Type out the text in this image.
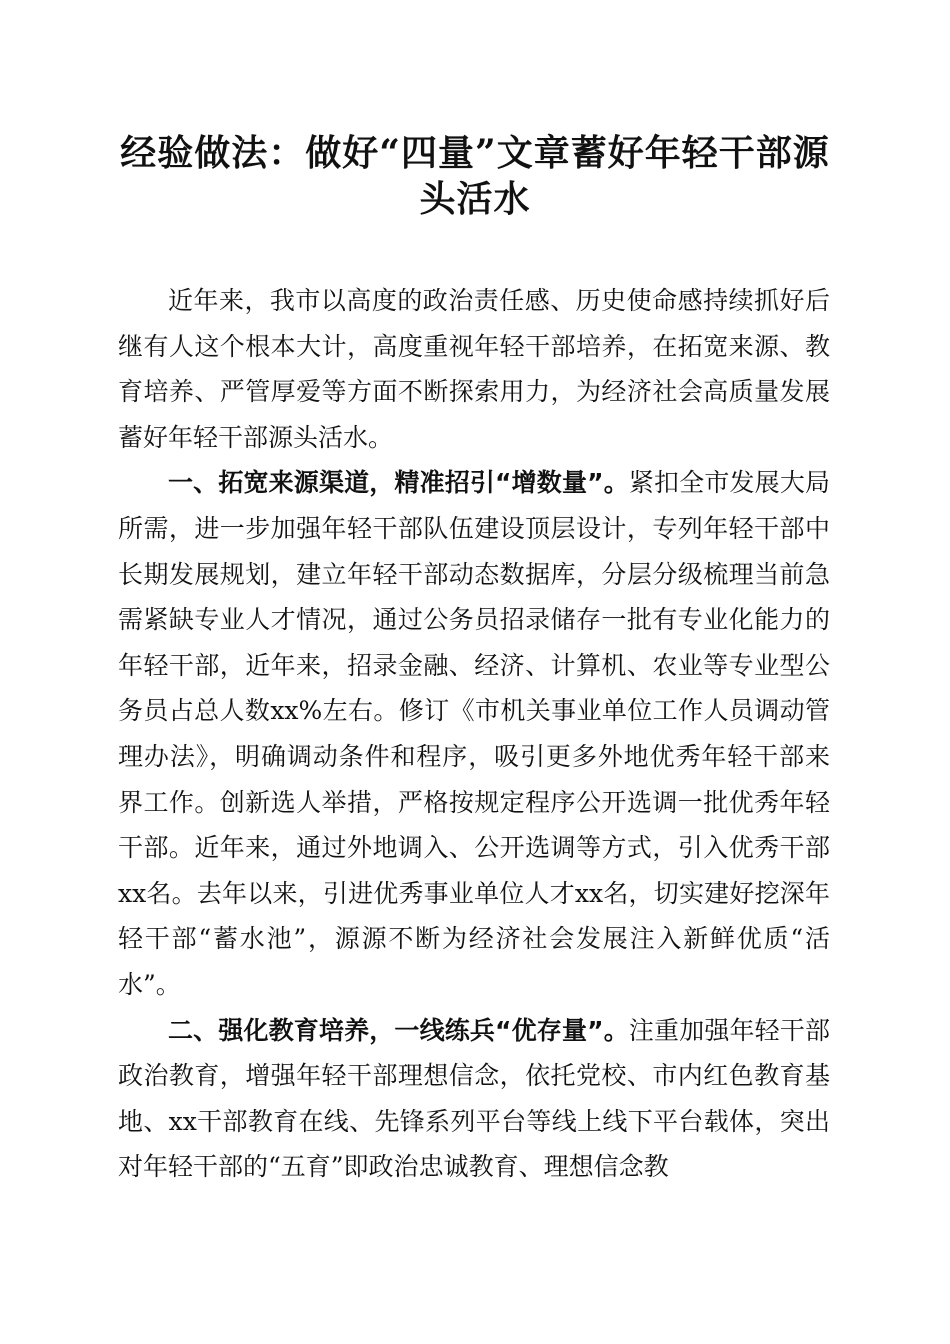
经验做法：做好“四量”文章蓄好年轻干部源头活水

近年来，我市以高度的政治责任感、历史使命感持续抓好后继有人这个根本大计，高度重视年轻干部培养，在拓宽来源、教育培养、严管厚爱等方面不断探索用力，为经济社会高质量发展蓄好年轻干部源头活水。

一、拓宽来源渠道，精准招引“增数量”。紧扣全市发展大局所需，进一步加强年轻干部队伍建设顶层设计，专列年轻干部中长期发展规划，建立年轻干部动态数据库，分层分级梳理当前急需紧缺专业人才情况，通过公务员招录储存一批有专业化能力的年轻干部，近年来，招录金融、经济、计算机、农业等专业型公务员占总人数xx%左右。修订《市机关事业单位工作人员调动管理办法》，明确调动条件和程序，吸引更多外地优秀年轻干部来界工作。创新选人举措，严格按规定程序公开选调一批优秀年轻干部。近年来，通过外地调入、公开选调等方式，引入优秀干部xx名。去年以来，引进优秀事业单位人才xx名，切实建好挖深年轻干部“蓄水池”，源源不断为经济社会发展注入新鲜优质“活水”。

二、强化教育培养，一线练兵“优存量”。注重加强年轻干部政治教育，增强年轻干部理想信念，依托党校、市内红色教育基地、xx干部教育在线、先锋系列平台等线上线下平台载体，突出对年轻干部的“五育”即政治忠诚教育、理想信念教
